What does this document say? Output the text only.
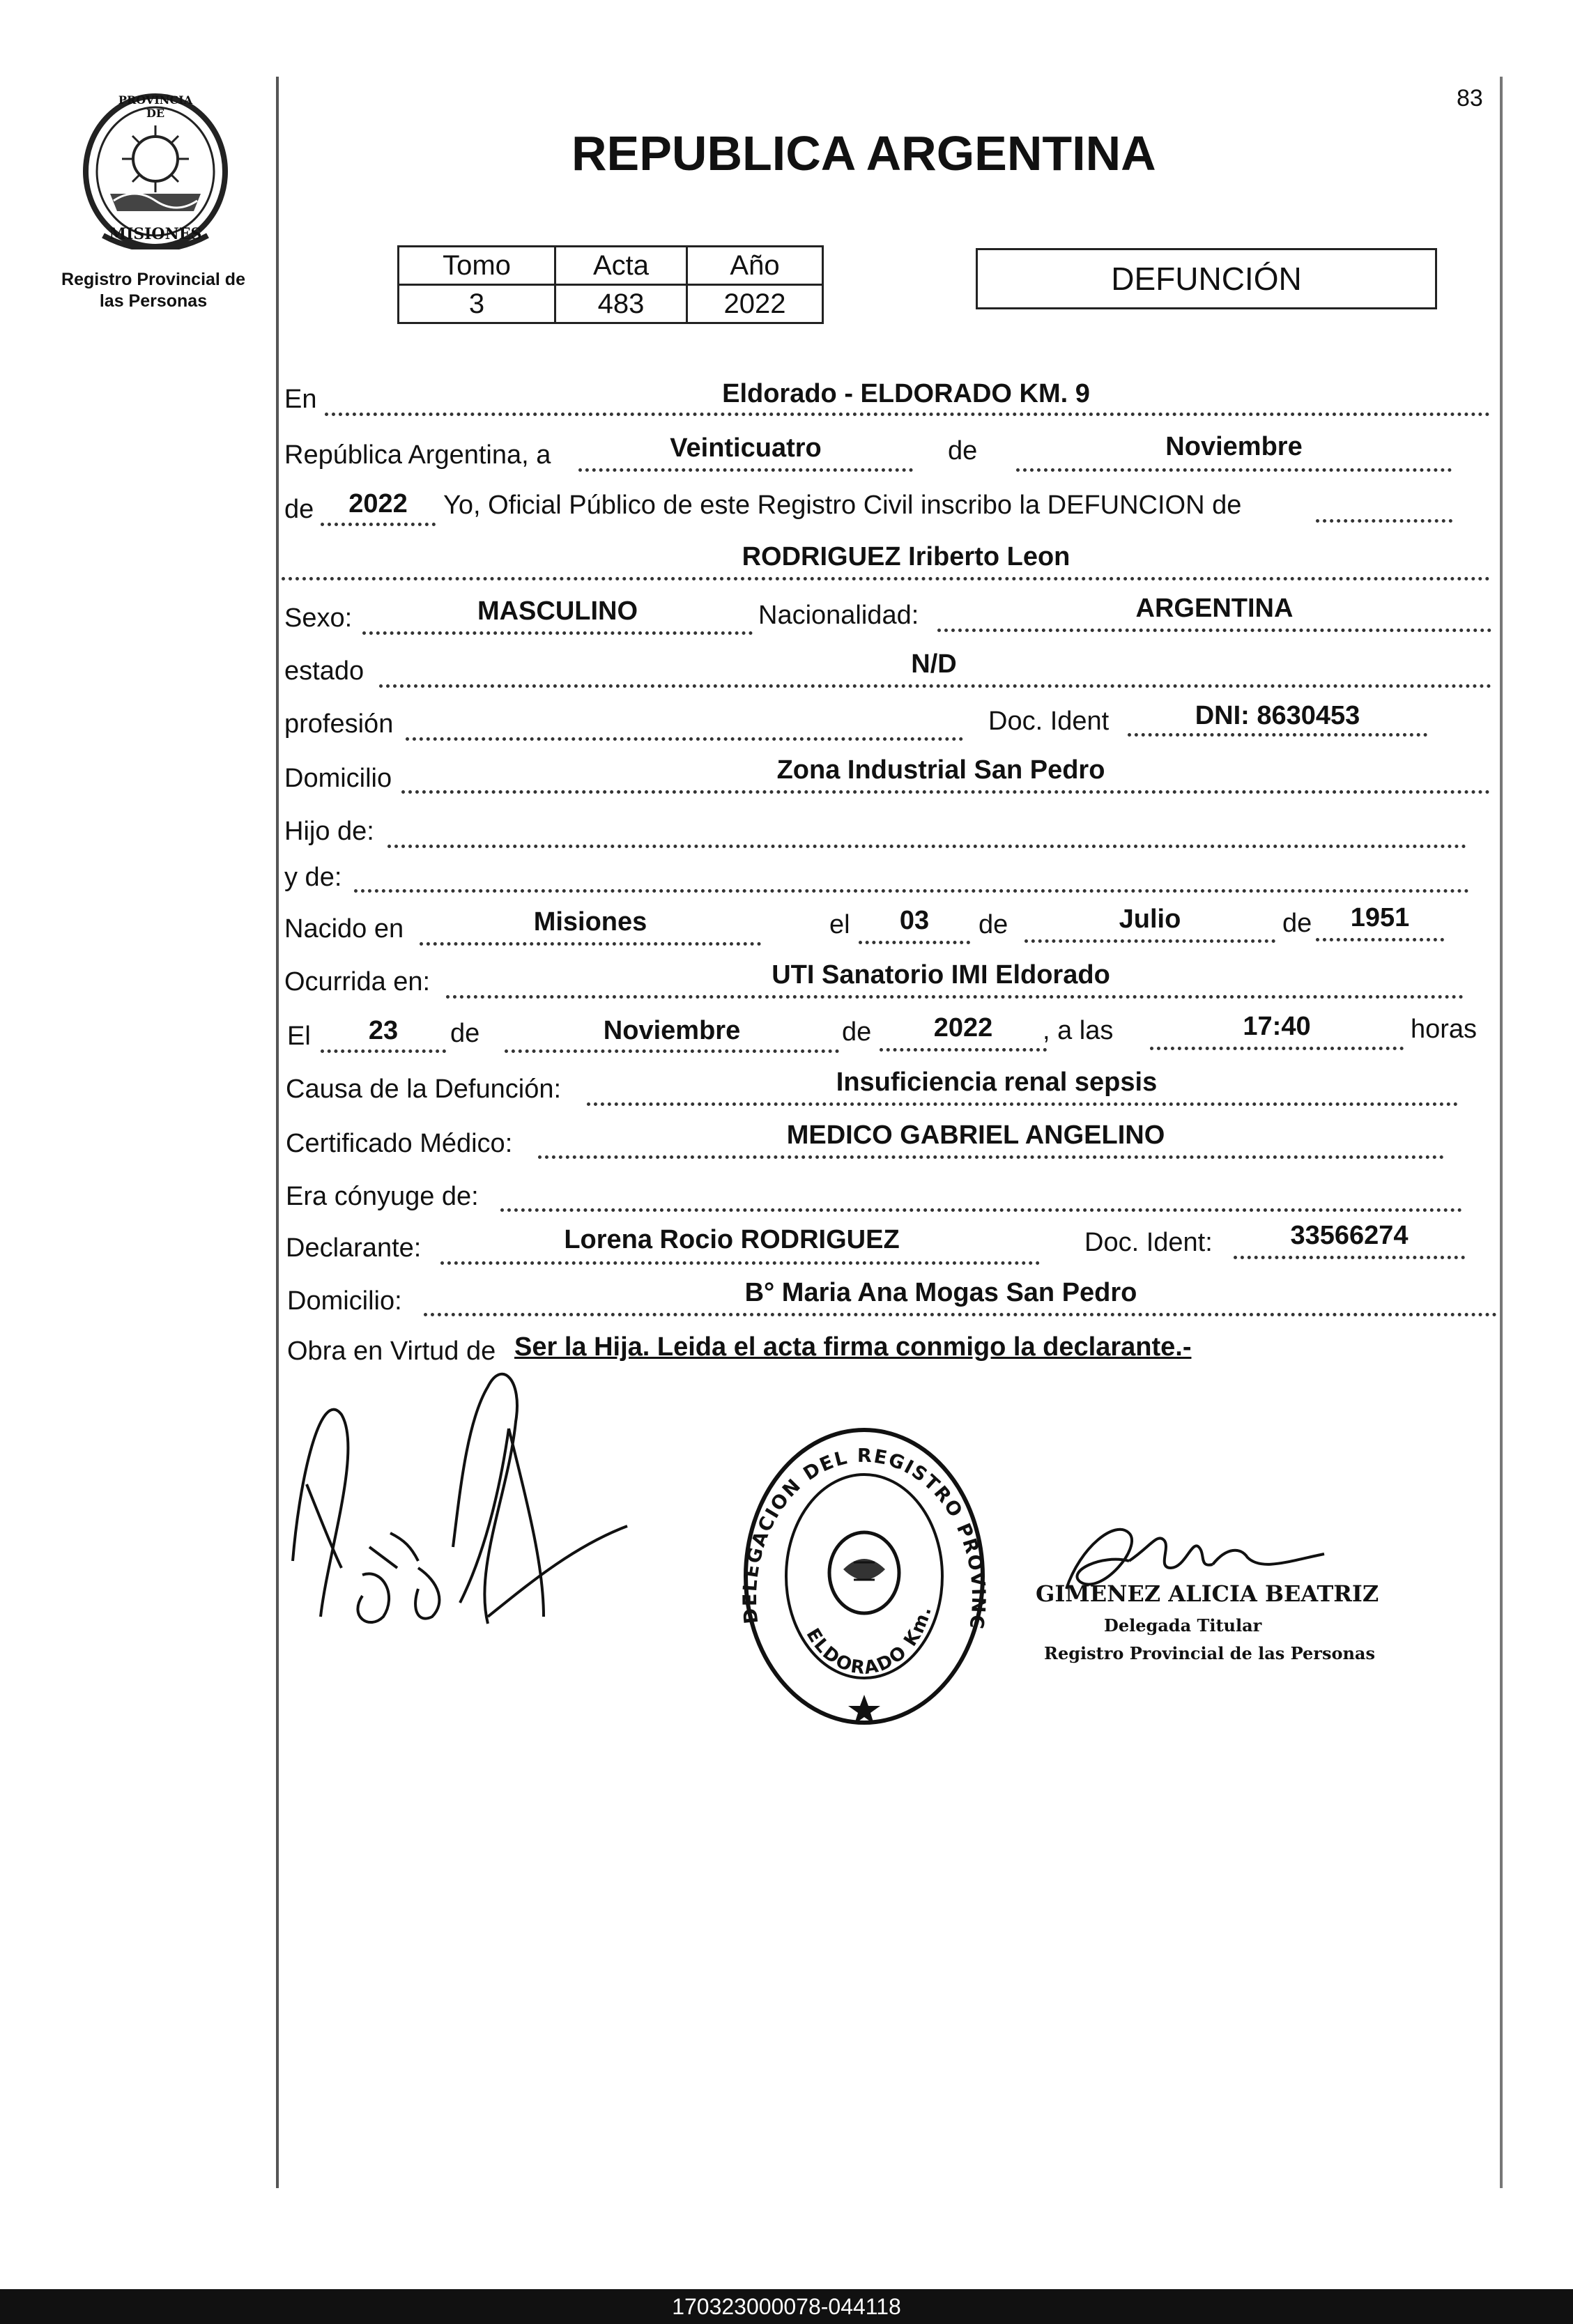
83
PROVINCIA DE
MISIONES
Registro Provincial de
las Personas
REPUBLICA ARGENTINA
Tomo	Acta	Año
3	483	2022
DEFUNCIÓN
En	Eldorado - ELDORADO KM. 9
República Argentina, a	Veinticuatro	de	Noviembre
de	2022	Yo, Oficial Público de este Registro Civil inscribo la DEFUNCION de
RODRIGUEZ Iriberto Leon
Sexo:	MASCULINO	Nacionalidad:	ARGENTINA
estado	N/D
profesión	Doc. Ident	DNI: 8630453
Domicilio	Zona Industrial San Pedro
Hijo de:
y de:
Nacido en	Misiones	el	03	de	Julio	de	1951
Ocurrida en:	UTI Sanatorio IMI Eldorado
El	23	de	Noviembre	de	2022	, a las	17:40	horas
Causa de la Defunción:	Insuficiencia renal sepsis
Certificado Médico:	MEDICO GABRIEL ANGELINO
Era cónyuge de:
Declarante:	Lorena Rocio RODRIGUEZ	Doc. Ident:	33566274
Domicilio:	B° Maria Ana Mogas San Pedro
Obra en Virtud de Ser la Hija. Leida el acta firma conmigo la declarante.-
DELEGACION DEL REGISTRO PROVINC
ELDORADO Km.
GIMENEZ ALICIA BEATRIZ
Delegada Titular
Registro Provincial de las Personas
170323000078-044118
